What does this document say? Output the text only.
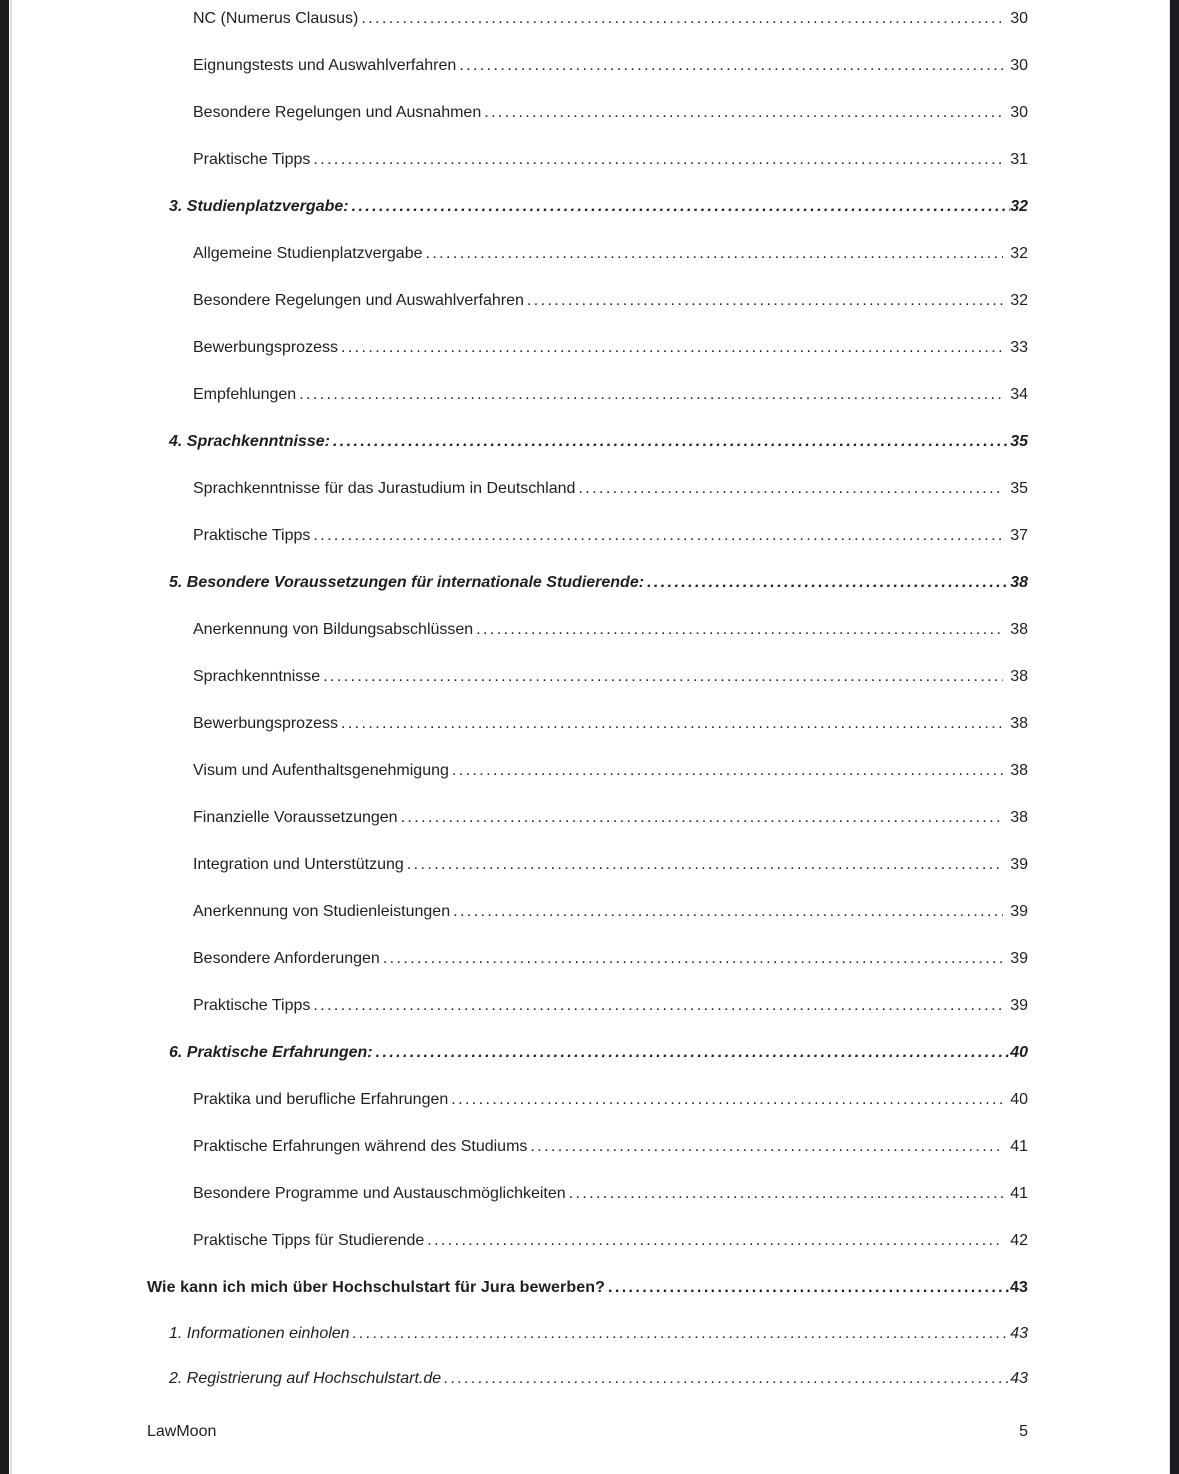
NC (Numerus Clausus) .....	30
Eignungstests und Auswahlverfahren .....	30
Besondere Regelungen und Ausnahmen .....	30
Praktische Tipps .....	31
3. Studienplatzvergabe: .....	32
Allgemeine Studienplatzvergabe .....	32
Besondere Regelungen und Auswahlverfahren .....	32
Bewerbungsprozess .....	33
Empfehlungen .....	34
4. Sprachkenntnisse: .....	35
Sprachkenntnisse für das Jurastudium in Deutschland .....	35
Praktische Tipps .....	37
5. Besondere Voraussetzungen für internationale Studierende: .....	38
Anerkennung von Bildungsabschlüssen .....	38
Sprachkenntnisse .....	38
Bewerbungsprozess .....	38
Visum und Aufenthaltsgenehmigung .....	38
Finanzielle Voraussetzungen .....	38
Integration und Unterstützung .....	39
Anerkennung von Studienleistungen .....	39
Besondere Anforderungen .....	39
Praktische Tipps .....	39
6. Praktische Erfahrungen: .....	40
Praktika und berufliche Erfahrungen .....	40
Praktische Erfahrungen während des Studiums .....	41
Besondere Programme und Austauschmöglichkeiten .....	41
Praktische Tipps für Studierende .....	42
Wie kann ich mich über Hochschulstart für Jura bewerben? .....	43
1. Informationen einholen .....	43
2. Registrierung auf Hochschulstart.de .....	43
LawMoon	5
